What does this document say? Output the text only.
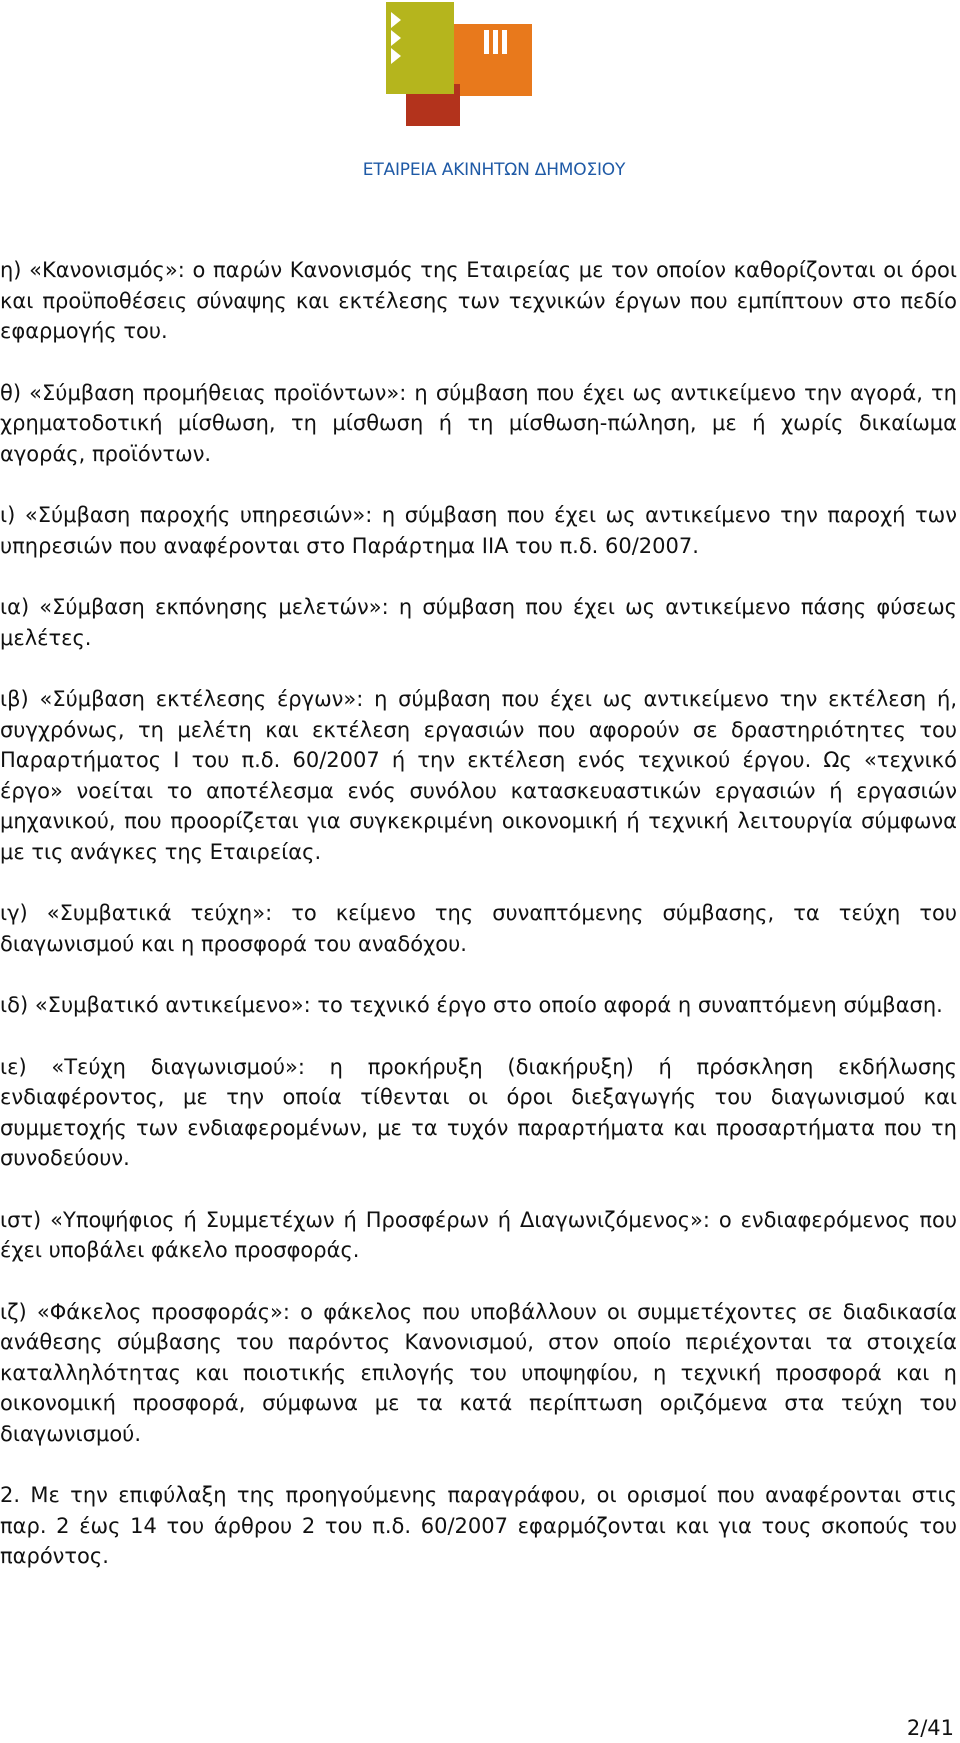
ΕΤΑΙΡΕΙΑ ΑΚΙΝΗΤΩΝ ΔΗΜΟΣΙΟΥ

η) «Κανονισμός»: ο παρών Κανονισμός της Εταιρείας με τον οποίον καθορίζονται οι όροι και προϋποθέσεις σύναψης και εκτέλεσης των τεχνικών έργων που εμπίπτουν στο πεδίο εφαρμογής του.

θ) «Σύμβαση προμήθειας προϊόντων»: η σύμβαση που έχει ως αντικείμενο την αγορά, τη χρηματοδοτική μίσθωση, τη μίσθωση ή τη μίσθωση-πώληση, με ή χωρίς δικαίωμα αγοράς, προϊόντων.

ι) «Σύμβαση παροχής υπηρεσιών»: η σύμβαση που έχει ως αντικείμενο την παροχή των υπηρεσιών που αναφέρονται στο Παράρτημα ΙΙΑ του π.δ. 60/2007.

ια) «Σύμβαση εκπόνησης μελετών»: η σύμβαση που έχει ως αντικείμενο πάσης φύσεως μελέτες.

ιβ) «Σύμβαση εκτέλεσης έργων»: η σύμβαση που έχει ως αντικείμενο την εκτέλεση ή, συγχρόνως, τη μελέτη και εκτέλεση εργασιών που αφορούν σε δραστηριότητες του Παραρτήματος Ι του π.δ. 60/2007 ή την εκτέλεση ενός τεχνικού έργου. Ως «τεχνικό έργο» νοείται το αποτέλεσμα ενός συνόλου κατασκευαστικών εργασιών ή εργασιών μηχανικού, που προορίζεται για συγκεκριμένη οικονομική ή τεχνική λειτουργία σύμφωνα με τις ανάγκες της Εταιρείας.

ιγ) «Συμβατικά τεύχη»: το κείμενο της συναπτόμενης σύμβασης, τα τεύχη του διαγωνισμού και η προσφορά του αναδόχου.

ιδ) «Συμβατικό αντικείμενο»: το τεχνικό έργο στο οποίο αφορά η συναπτόμενη σύμβαση.

ιε) «Τεύχη διαγωνισμού»: η προκήρυξη (διακήρυξη) ή πρόσκληση εκδήλωσης ενδιαφέροντος, με την οποία τίθενται οι όροι διεξαγωγής του διαγωνισμού και συμμετοχής των ενδιαφερομένων, με τα τυχόν παραρτήματα και προσαρτήματα που τη συνοδεύουν.

ιστ) «Υποψήφιος ή Συμμετέχων ή Προσφέρων ή Διαγωνιζόμενος»: ο ενδιαφερόμενος που έχει υποβάλει φάκελο προσφοράς.

ιζ) «Φάκελος προσφοράς»: ο φάκελος που υποβάλλουν οι συμμετέχοντες σε διαδικασία ανάθεσης σύμβασης του παρόντος Κανονισμού, στον οποίο περιέχονται τα στοιχεία καταλληλότητας και ποιοτικής επιλογής του υποψηφίου, η τεχνική προσφορά και η οικονομική προσφορά, σύμφωνα με τα κατά περίπτωση οριζόμενα στα τεύχη του διαγωνισμού.

2. Με την επιφύλαξη της προηγούμενης παραγράφου, οι ορισμοί που αναφέρονται στις παρ. 2 έως 14 του άρθρου 2 του π.δ. 60/2007 εφαρμόζονται και για τους σκοπούς του παρόντος.

2/41
